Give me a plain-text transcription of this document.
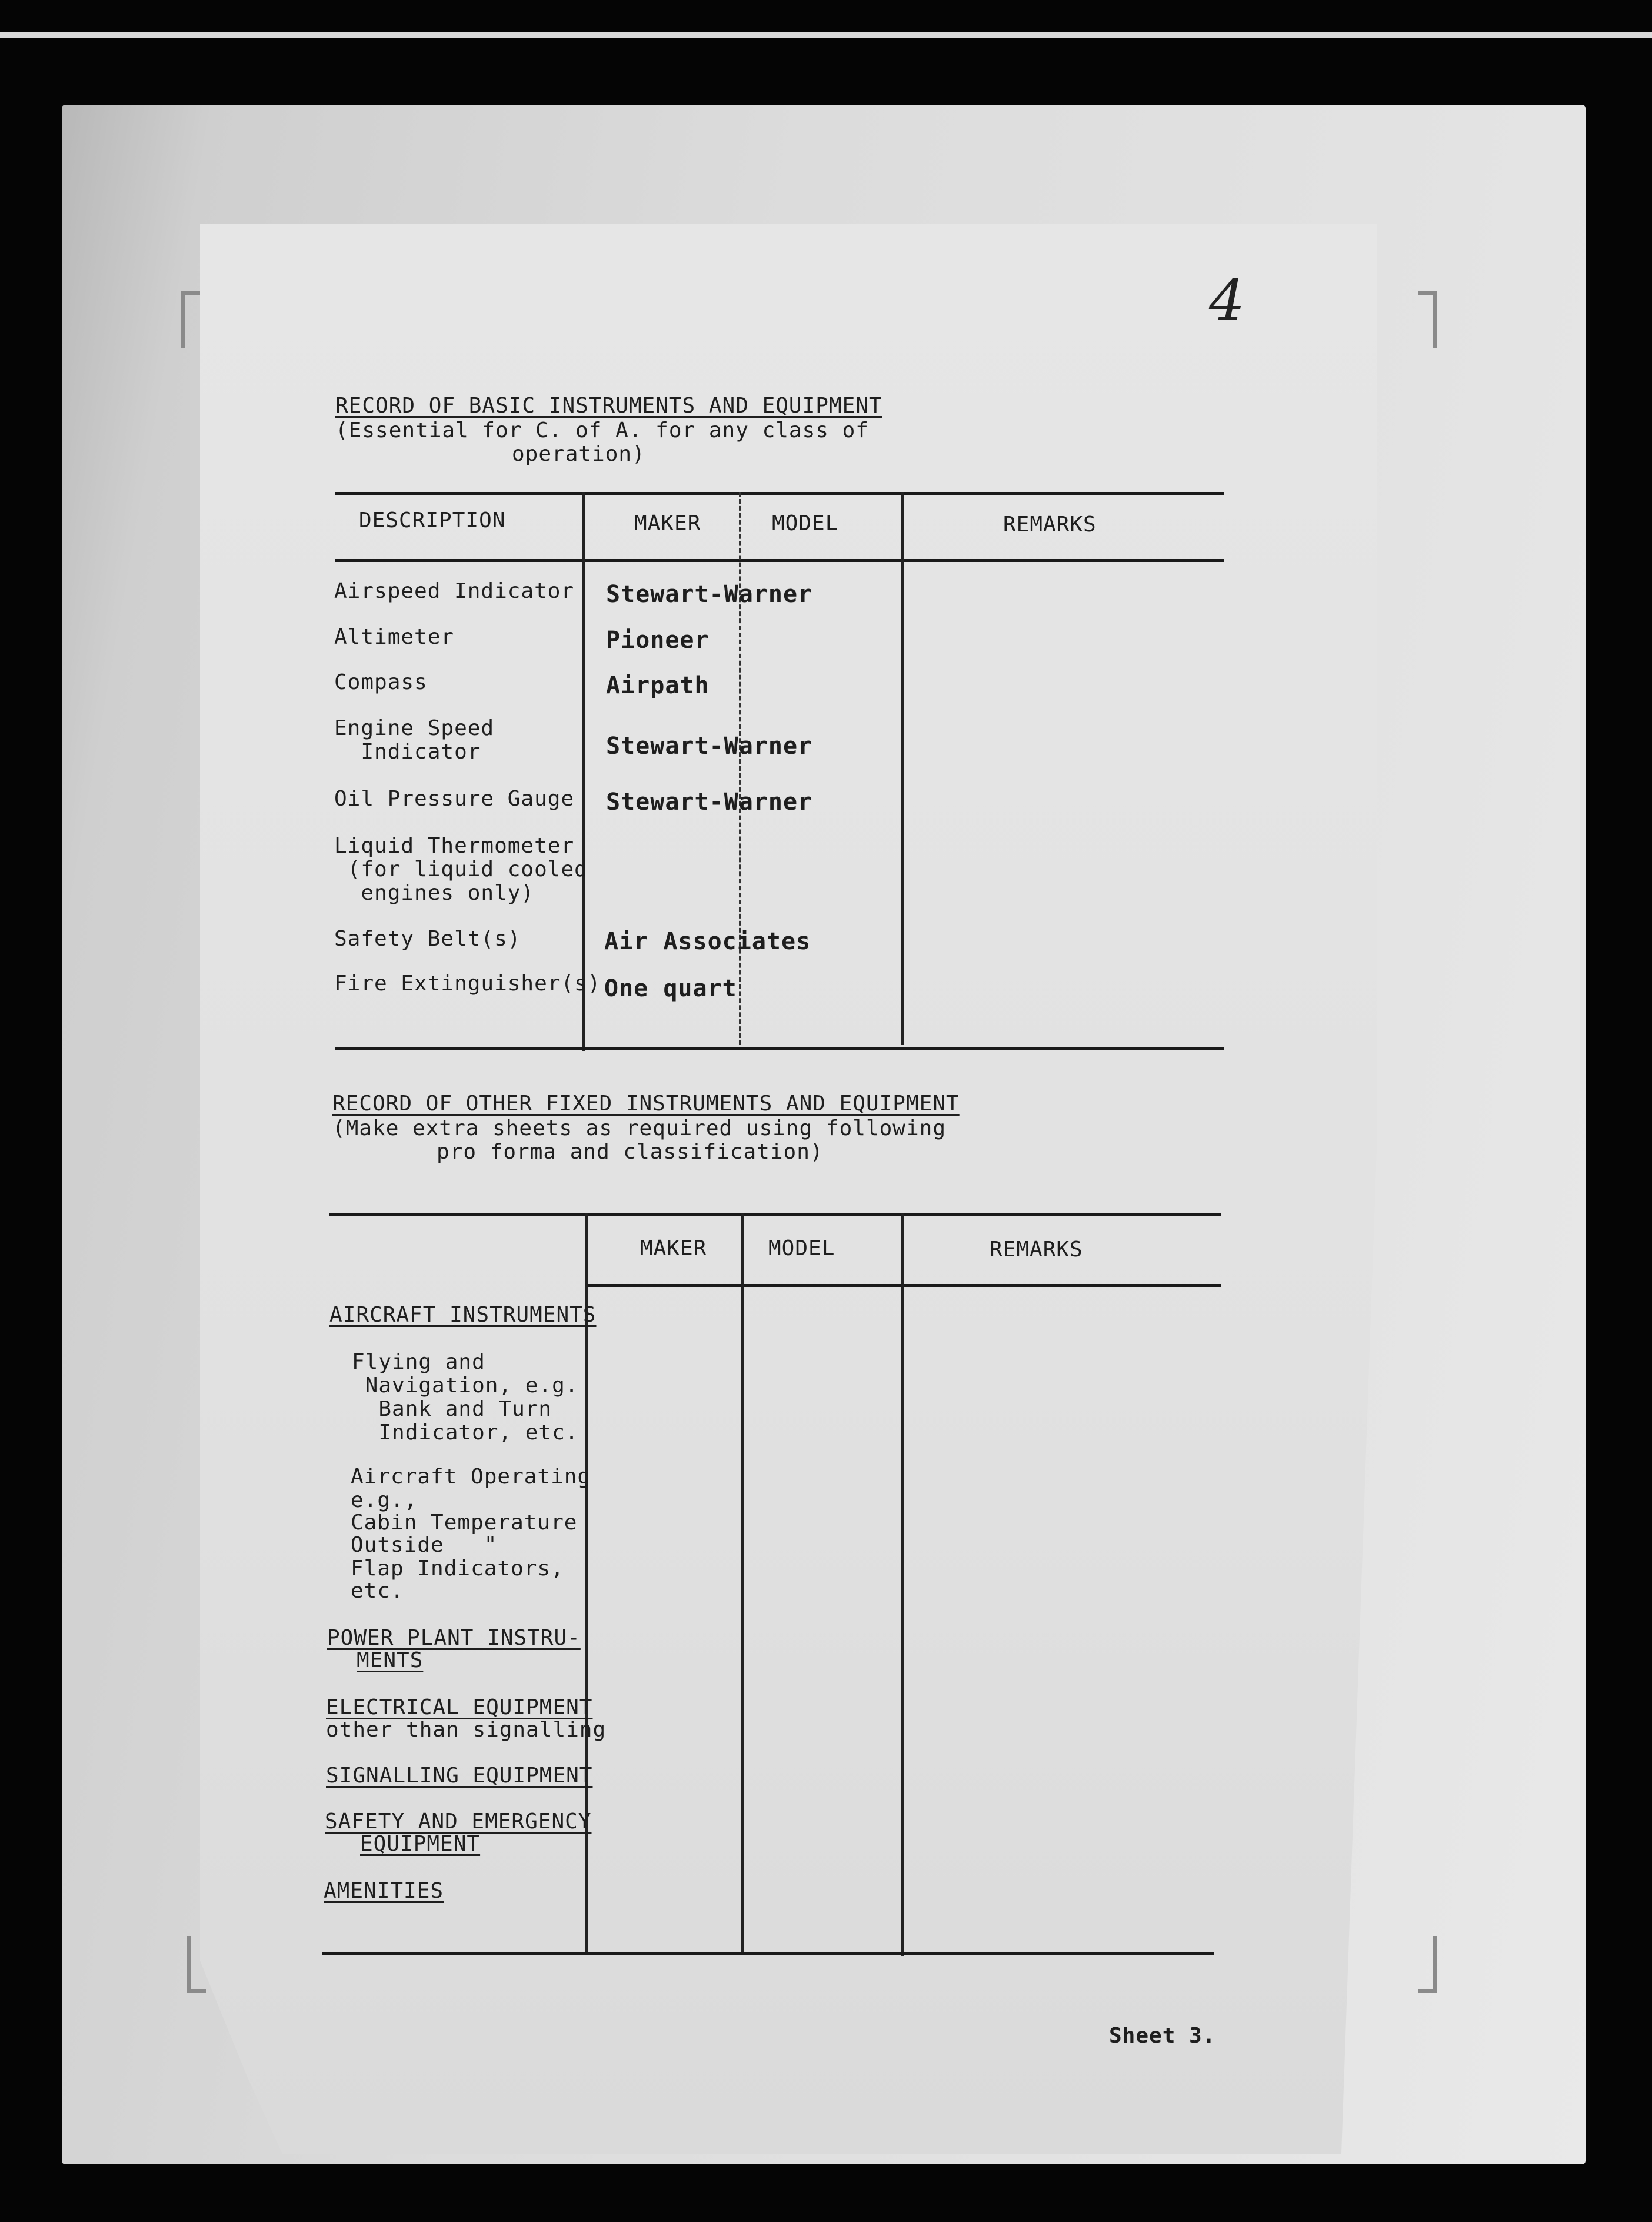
4
RECORD OF BASIC INSTRUMENTS AND EQUIPMENT
(Essential for C. of A. for any class of
operation)
DESCRIPTION	MAKER	MODEL	REMARKS
Airspeed Indicator Stewart-Warner
Altimeter	Pioneer
Compass	Airpath
Engine Speed
Indicator	Stewart-Warner
Oil Pressure Gauge Stewart-Warner
Liquid Thermometer
(for liquid cooled
engines only)
Safety Belt(s)	Air Associates
Fire Extinguisher(s) One quart
RECORD OF OTHER FIXED INSTRUMENTS AND EQUIPMENT
(Make extra sheets as required using following
pro forma and classification)
MAKER	MODEL	REMARKS
AIRCRAFT INSTRUMENTS
Flying and
Navigation, e.g.
Bank and Turn
Indicator, etc.
Aircraft Operating
e.g.,
Cabin Temperature
Outside   "
Flap Indicators,
etc.
POWER PLANT INSTRU-
MENTS
ELECTRICAL EQUIPMENT
other than signalling
SIGNALLING EQUIPMENT
SAFETY AND EMERGENCY
EQUIPMENT
AMENITIES
Sheet 3.
